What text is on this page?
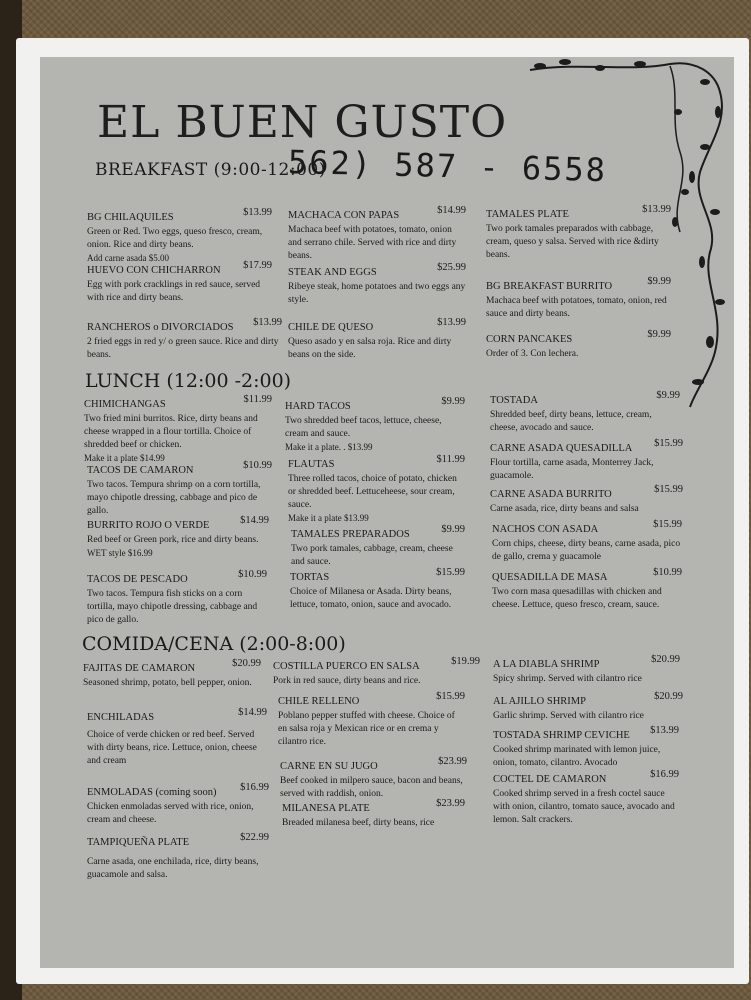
EL BUEN GUSTO
BREAKFAST (9:00-12:00)
562) 587 - 6558
BG CHILAQUILES	$13.99
Green or Red. Two eggs, queso fresco, cream, onion. Rice and dirty beans.
Add carne asada $5.00
HUEVO CON CHICHARRON $17.99
Egg with pork cracklings in red sauce, served with rice and dirty beans.
RANCHEROS o DIVORCIADOS $13.99
2 fried eggs in red y/ o green sauce. Rice and dirty beans.
MACHACA CON PAPAS	$14.99
Machaca beef with potatoes, tomato, onion and serrano chile. Served with rice and dirty beans.
STEAK AND EGGS	$25.99
Ribeye steak, home potatoes and two eggs any style.
CHILE DE QUESO	$13.99
Queso asado y en salsa roja. Rice and dirty beans on the side.
TAMALES PLATE	$13.99
Two pork tamales preparados with cabbage, cream, queso y salsa. Served with rice &dirty beans.
BG BREAKFAST BURRITO	$9.99
Machaca beef with potatoes, tomato, onion, red sauce and dirty beans.
CORN PANCAKES	$9.99
Order of 3. Con lechera.
LUNCH (12:00 -2:00)
CHIMICHANGAS	$11.99
Two fried mini burritos. Rice, dirty beans and cheese wrapped in a flour tortilla. Choice of shredded beef or chicken.
Make it a plate $14.99
TACOS DE CAMARON	$10.99
Two tacos. Tempura shrimp on a corn tortilla, mayo chipotle dressing, cabbage and pico de gallo.
BURRITO ROJO O VERDE	$14.99
Red beef or Green pork, rice and dirty beans.
WET style $16.99
TACOS DE PESCADO	$10.99
Two tacos. Tempura fish sticks on a corn tortilla, mayo chipotle dressing, cabbage and pico de gallo.
HARD TACOS	$9.99
Two shredded beef tacos, lettuce, cheese, cream and sauce.
Make it a plate. . $13.99
FLAUTAS	$11.99
Three rolled tacos, choice of potato, chicken or shredded beef. Lettuceheese, sour cream, sauce.
Make it a plate $13.99
TAMALES PREPARADOS	$9.99
Two pork tamales, cabbage, cream, cheese and sauce.
TORTAS	$15.99
Choice of Milanesa or Asada. Dirty beans, lettuce, tomato, onion, sauce and avocado.
TOSTADA	$9.99
Shredded beef, dirty beans, lettuce, cream, cheese, avocado and sauce.
CARNE ASADA QUESADILLA $15.99
Flour tortilla, carne asada, Monterrey Jack, guacamole.
CARNE ASADA BURRITO	$15.99
Carne asada, rice, dirty beans and salsa
NACHOS CON ASADA	$15.99
Corn chips, cheese, dirty beans, carne asada, pico de gallo, crema y guacamole
QUESADILLA DE MASA	$10.99
Two corn masa quesadillas with chicken and cheese. Lettuce, queso fresco, cream, sauce.
COMIDA/CENA (2:00-8:00)
FAJITAS DE CAMARON	$20.99
Seasoned shrimp, potato, bell pepper, onion.
ENCHILADAS	$14.99
Choice of verde chicken or red beef. Served with dirty beans, rice. Lettuce, onion, cheese and cream
ENMOLADAS (coming soon) $16.99
Chicken enmoladas served with rice, onion, cream and cheese.
TAMPIQUEÑA PLATE	$22.99
Carne asada, one enchilada, rice, dirty beans, guacamole and salsa.
COSTILLA PUERCO EN SALSA	$19.99
Pork in red sauce, dirty beans and rice.
CHILE RELLENO	$15.99
Poblano pepper stuffed with cheese. Choice of en salsa roja y Mexican rice or en crema y cilantro rice.
CARNE EN SU JUGO	$23.99
Beef cooked in milpero sauce, bacon and beans, served with raddish, onion.
MILANESA PLATE	$23.99
Breaded milanesa beef, dirty beans, rice
A LA DIABLA SHRIMP	$20.99
Spicy shrimp. Served with cilantro rice
AL AJILLO SHRIMP	$20.99
Garlic shrimp. Served with cilantro rice
TOSTADA SHRIMP CEVICHE $13.99
Cooked shrimp marinated with lemon juice, onion, tomato, cilantro. Avocado
COCTEL DE CAMARON	$16.99
Cooked shrimp served in a fresh coctel sauce with onion, cilantro, tomato sauce, avocado and lemon. Salt crackers.
